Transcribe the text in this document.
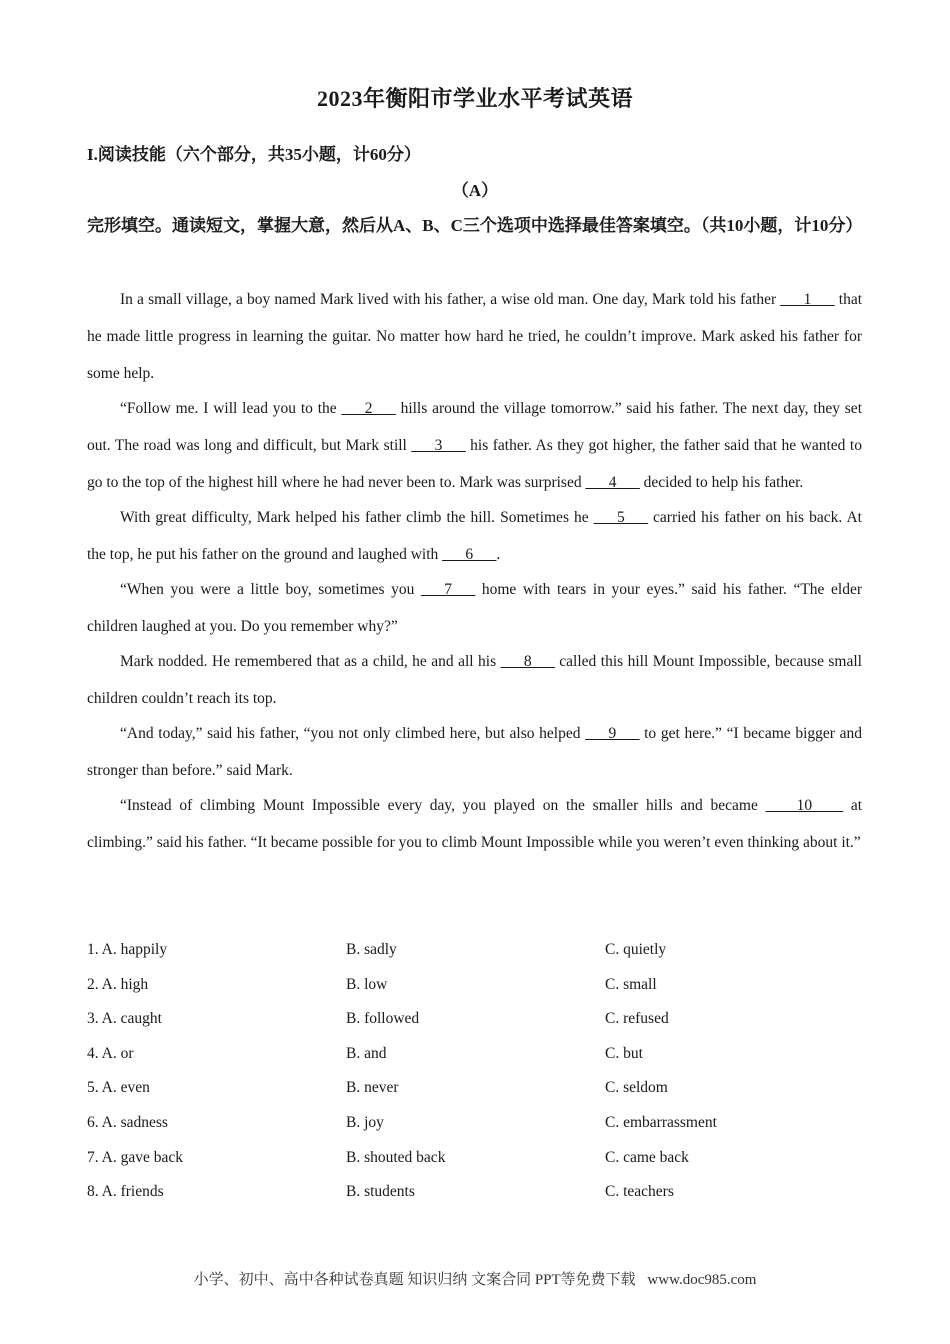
2023年衡阳市学业水平考试英语
I.阅读技能（六个部分，共35小题，计60分）
（A）
完形填空。通读短文，掌握大意，然后从A、B、C三个选项中选择最佳答案填空。（共10小题，计10分）

In a small village, a boy named Mark lived with his father, a wise old man. One day, Mark told his father ___1___ that he made little progress in learning the guitar. No matter how hard he tried, he couldn’t improve. Mark asked his father for some help.

“Follow me. I will lead you to the ___2___ hills around the village tomorrow.” said his father. The next day, they set out. The road was long and difficult, but Mark still ___3___ his father. As they got higher, the father said that he wanted to go to the top of the highest hill where he had never been to. Mark was surprised ___4___ decided to help his father.

With great difficulty, Mark helped his father climb the hill. Sometimes he ___5___ carried his father on his back. At the top, he put his father on the ground and laughed with ___6___.

“When you were a little boy, sometimes you ___7___ home with tears in your eyes.” said his father. “The elder children laughed at you. Do you remember why?”

Mark nodded. He remembered that as a child, he and all his ___8___ called this hill Mount Impossible, because small children couldn’t reach its top.

“And today,” said his father, “you not only climbed here, but also helped ___9___ to get here.” “I became bigger and stronger than before.” said Mark.

“Instead of climbing Mount Impossible every day, you played on the smaller hills and became ____10____ at climbing.” said his father. “It became possible for you to climb Mount Impossible while you weren’t even thinking about it.”

1. A. happily	B. sadly	C. quietly
2. A. high	B. low	C. small
3. A. caught	B. followed	C. refused
4. A. or	B. and	C. but
5. A. even	B. never	C. seldom
6. A. sadness	B. joy	C. embarrassment
7. A. gave back	B. shouted back	C. came back
8. A. friends	B. students	C. teachers
小学、初中、高中各种试卷真题 知识归纳 文案合同 PPT等免费下载 www.doc985.com
